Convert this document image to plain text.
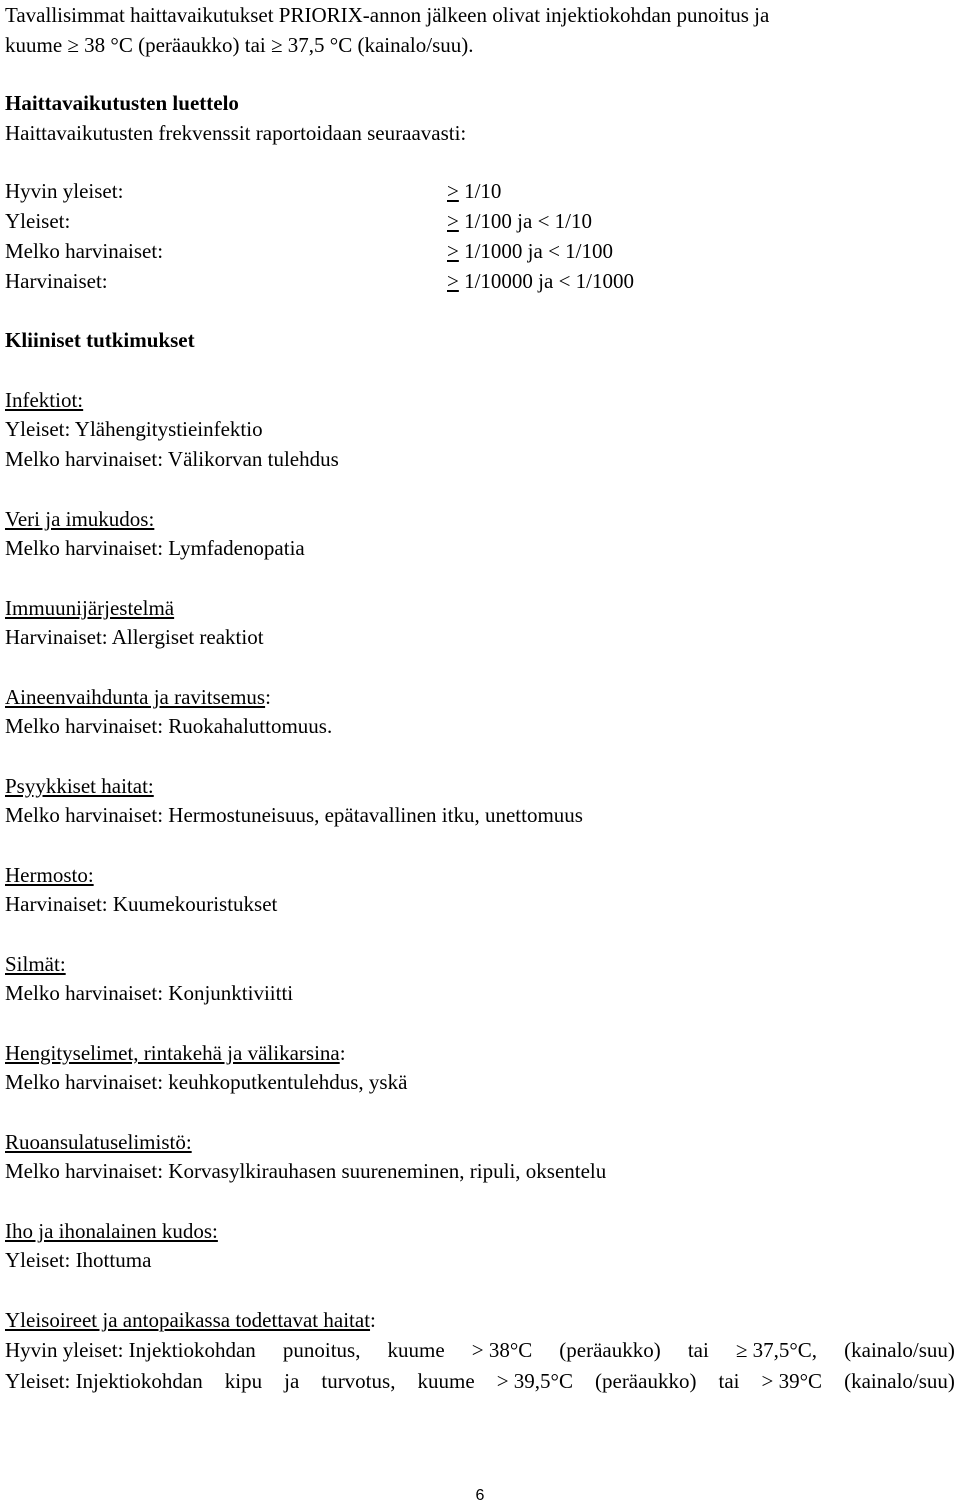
Tavallisimmat haittavaikutukset PRIORIX-annon jälkeen olivat injektiokohdan punoitus ja
kuume ≥ 38 °C (peräaukko) tai ≥ 37,5 °C (kainalo/suu).
Haittavaikutusten luettelo
Haittavaikutusten frekvenssit raportoidaan seuraavasti:
Hyvin yleiset:	> 1/10
Yleiset:	> 1/100 ja < 1/10
Melko harvinaiset:	> 1/1000 ja < 1/100
Harvinaiset:	> 1/10000 ja < 1/1000
Kliiniset tutkimukset
Infektiot:
Yleiset: Ylähengitystieinfektio
Melko harvinaiset: Välikorvan tulehdus
Veri ja imukudos:
Melko harvinaiset: Lymfadenopatia
Immuunijärjestelmä
Harvinaiset: Allergiset reaktiot
Aineenvaihdunta ja ravitsemus:
Melko harvinaiset: Ruokahaluttomuus.
Psyykkiset haitat:
Melko harvinaiset: Hermostuneisuus, epätavallinen itku, unettomuus
Hermosto:
Harvinaiset: Kuumekouristukset
Silmät:
Melko harvinaiset: Konjunktiviitti
Hengityselimet, rintakehä ja välikarsina:
Melko harvinaiset: keuhkoputkentulehdus, yskä
Ruoansulatuselimistö:
Melko harvinaiset: Korvasylkirauhasen suureneminen, ripuli, oksentelu
Iho ja ihonalainen kudos:
Yleiset: Ihottuma
Yleisoireet ja antopaikassa todettavat haitat:
Hyvin yleiset: Injektiokohdan punoitus, kuume > 38°C (peräaukko) tai ≥ 37,5°C, (kainalo/suu)
Yleiset: Injektiokohdan kipu ja turvotus, kuume > 39,5°C (peräaukko) tai > 39°C (kainalo/suu)
6
